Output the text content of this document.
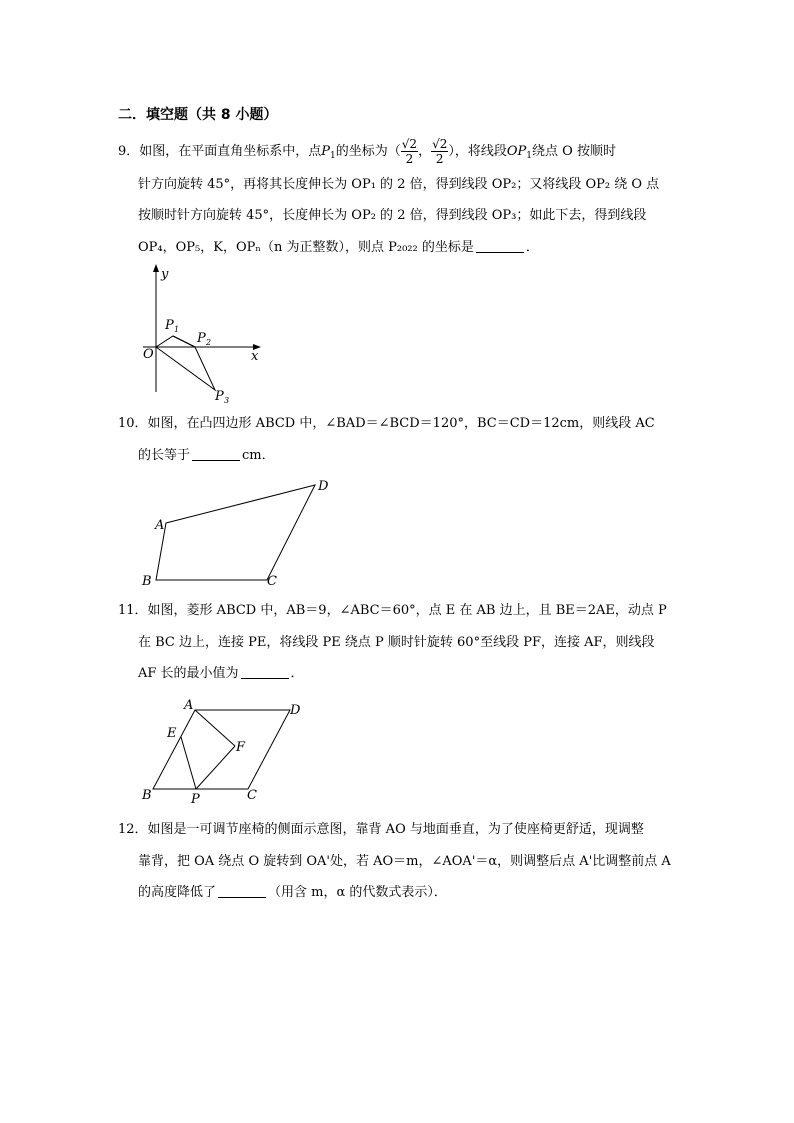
二．填空题（共 8 小题）
9．如图，在平面直角坐标系中，点$P_1$的坐标为（ $\frac{√2}{2}$ ， $\frac{√2}{2}$ ），将线段$OP_1$绕点 O 按顺时
针方向旋转 45°，再将其长度伸长为 OP₁ 的 2 倍，得到线段 OP₂；又将线段 OP₂ 绕 O 点
按顺时针方向旋转 45°，长度伸长为 OP₂ 的 2 倍，得到线段 OP₃；如此下去，得到线段
OP₄，OP₅，K，OPₙ（n 为正整数），则点 P₂₀₂₂ 的坐标是	．
y
x
O
P 1
P 2
P 3
10．如图，在凸四边形 ABCD 中，∠BAD＝∠BCD＝120°，BC＝CD＝12cm，则线段 AC
的长等于	cm．
A
B	C
D
11．如图，菱形 ABCD 中，AB＝9，∠ABC＝60°，点 E 在 AB 边上，且 BE＝2AE，动点 P
在 BC 边上，连接 PE，将线段 PE 绕点 P 顺时针旋转 60°至线段 PF，连接 AF，则线段
AF 长的最小值为	．
A
B	C
D
E
F
P
12．如图是一可调节座椅的侧面示意图，靠背 AO 与地面垂直，为了使座椅更舒适，现调整
靠背，把 OA 绕点 O 旋转到 OA'处，若 AO＝m，∠AOA'＝α，则调整后点 A'比调整前点 A
的高度降低了	（用含 m，α 的代数式表示）．
